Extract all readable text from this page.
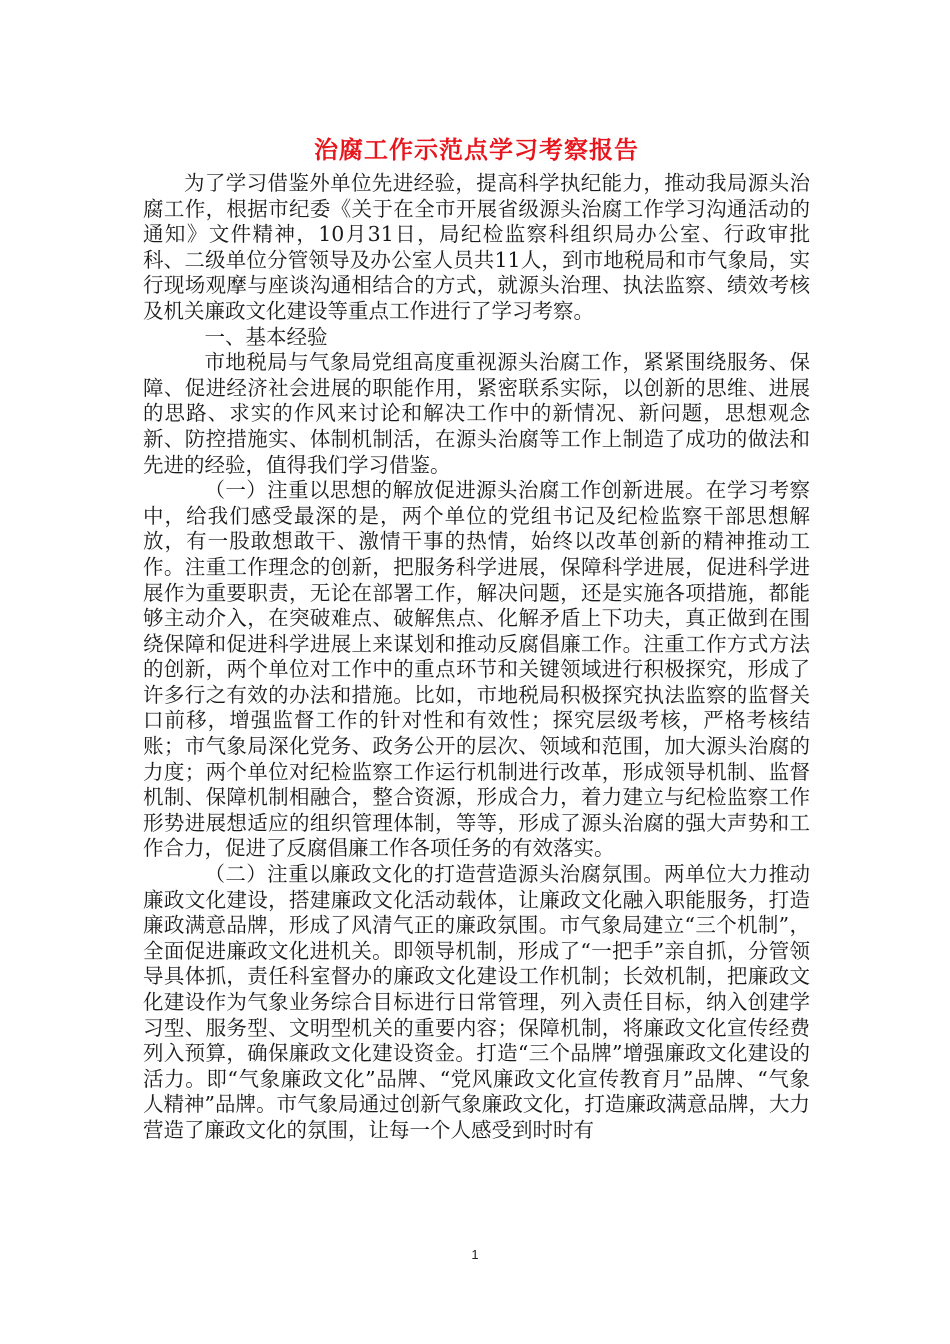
治腐工作示范点学习考察报告

为了学习借鉴外单位先进经验，提高科学执纪能力，推动我局源头治腐工作，根据市纪委《关于在全市开展省级源头治腐工作学习沟通活动的通知》文件精神，10月31日，局纪检监察科组织局办公室、行政审批科、二级单位分管领导及办公室人员共11人，到市地税局和市气象局，实行现场观摩与座谈沟通相结合的方式，就源头治理、执法监察、绩效考核及机关廉政文化建设等重点工作进行了学习考察。

一、基本经验

市地税局与气象局党组高度重视源头治腐工作，紧紧围绕服务、保障、促进经济社会进展的职能作用，紧密联系实际，以创新的思维、进展的思路、求实的作风来讨论和解决工作中的新情况、新问题，思想观念新、防控措施实、体制机制活，在源头治腐等工作上制造了成功的做法和先进的经验，值得我们学习借鉴。

（一）注重以思想的解放促进源头治腐工作创新进展。在学习考察中，给我们感受最深的是，两个单位的党组书记及纪检监察干部思想解放，有一股敢想敢干、激情干事的热情，始终以改革创新的精神推动工作。注重工作理念的创新，把服务科学进展，保障科学进展，促进科学进展作为重要职责，无论在部署工作，解决问题，还是实施各项措施，都能够主动介入，在突破难点、破解焦点、化解矛盾上下功夫，真正做到在围绕保障和促进科学进展上来谋划和推动反腐倡廉工作。注重工作方式方法的创新，两个单位对工作中的重点环节和关键领域进行积极探究，形成了许多行之有效的办法和措施。比如，市地税局积极探究执法监察的监督关口前移，增强监督工作的针对性和有效性；探究层级考核，严格考核结账；市气象局深化党务、政务公开的层次、领域和范围，加大源头治腐的力度；两个单位对纪检监察工作运行机制进行改革，形成领导机制、监督机制、保障机制相融合，整合资源，形成合力，着力建立与纪检监察工作形势进展想适应的组织管理体制，等等，形成了源头治腐的强大声势和工作合力，促进了反腐倡廉工作各项任务的有效落实。

（二）注重以廉政文化的打造营造源头治腐氛围。两单位大力推动廉政文化建设，搭建廉政文化活动载体，让廉政文化融入职能服务，打造廉政满意品牌，形成了风清气正的廉政氛围。市气象局建立“三个机制”，全面促进廉政文化进机关。即领导机制，形成了“一把手”亲自抓，分管领导具体抓，责任科室督办的廉政文化建设工作机制；长效机制，把廉政文化建设作为气象业务综合目标进行日常管理，列入责任目标，纳入创建学习型、服务型、文明型机关的重要内容；保障机制，将廉政文化宣传经费列入预算，确保廉政文化建设资金。打造“三个品牌”增强廉政文化建设的活力。即“气象廉政文化”品牌、“党风廉政文化宣传教育月”品牌、“气象人精神”品牌。市气象局通过创新气象廉政文化，打造廉政满意品牌，大力营造了廉政文化的氛围，让每一个人感受到时时有

1
